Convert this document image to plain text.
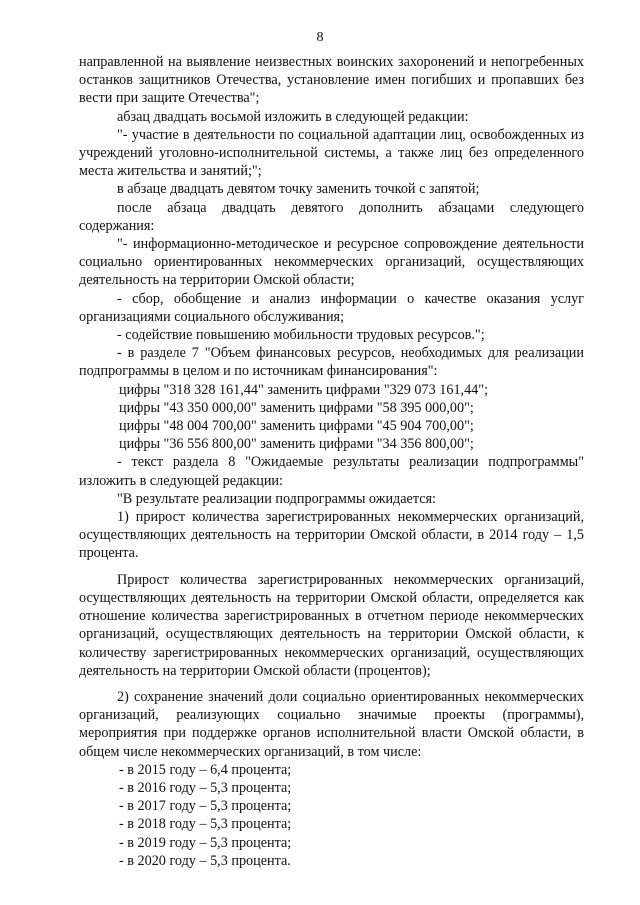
8

направленной на выявление неизвестных воинских захоронений и непогребенных останков защитников Отечества, установление имен погибших и пропавших без вести при защите Отечества";

абзац двадцать восьмой изложить в следующей редакции:

"- участие в деятельности по социальной адаптации лиц, освобожденных из учреждений уголовно-исполнительной системы, а также лиц без определенного места жительства и занятий;";

в абзаце двадцать девятом точку заменить точкой с запятой;

после абзаца двадцать девятого дополнить абзацами следующего содержания:

"- информационно-методическое и ресурсное сопровождение деятельности социально ориентированных некоммерческих организаций, осуществляющих деятельность на территории Омской области;

- сбор, обобщение и анализ информации о качестве оказания услуг организациями социального обслуживания;

- содействие повышению мобильности трудовых ресурсов.";

- в разделе 7 "Объем финансовых ресурсов, необходимых для реализации подпрограммы в целом и по источникам финансирования":

цифры "318 328 161,44" заменить цифрами "329 073 161,44";

цифры "43 350 000,00" заменить цифрами "58 395 000,00";

цифры "48 004 700,00" заменить цифрами "45 904 700,00";

цифры "36 556 800,00" заменить цифрами "34 356 800,00";

- текст раздела 8 "Ожидаемые результаты реализации подпрограммы" изложить в следующей редакции:

"В результате реализации подпрограммы ожидается:

1) прирост количества зарегистрированных некоммерческих организаций, осуществляющих деятельность на территории Омской области, в 2014 году – 1,5 процента.

Прирост количества зарегистрированных некоммерческих организаций, осуществляющих деятельность на территории Омской области, определяется как отношение количества зарегистрированных в отчетном периоде некоммерческих организаций, осуществляющих деятельность на территории Омской области, к количеству зарегистрированных некоммерческих организаций, осуществляющих деятельность на территории Омской области (процентов);

2) сохранение значений доли социально ориентированных некоммерческих организаций, реализующих социально значимые проекты (программы), мероприятия при поддержке органов исполнительной власти Омской области, в общем числе некоммерческих организаций, в том числе:

- в 2015 году – 6,4 процента;

- в 2016 году – 5,3 процента;

- в 2017 году – 5,3 процента;

- в 2018 году – 5,3 процента;

- в 2019 году – 5,3 процента;

- в 2020 году – 5,3 процента.
